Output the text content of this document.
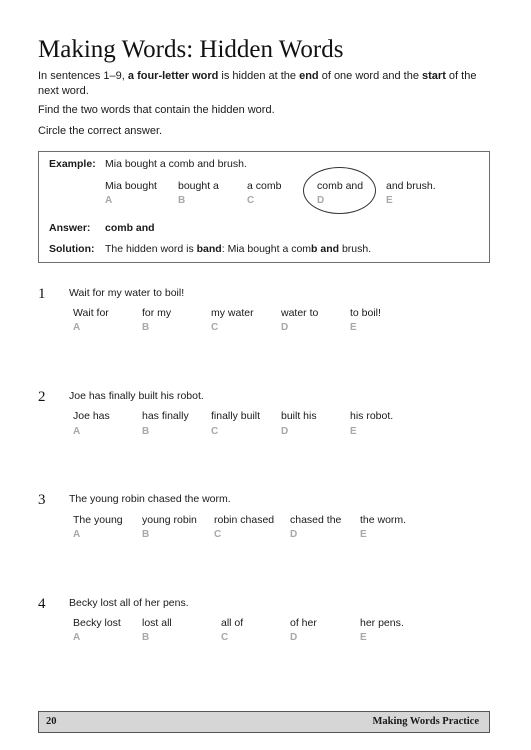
Making Words: Hidden Words
In sentences 1–9, a four-letter word is hidden at the end of one word and the start of the next word.
Find the two words that contain the hidden word.
Circle the correct answer.
Example: Mia bought a comb and brush.
Mia bought
A
bought a
B
a comb
C
comb and
D
and brush.
E
Answer: comb and
Solution: The hidden word is band: Mia bought a comb and brush.
1 Wait for my water to boil!
Wait for
A
for my
B
my water
C
water to
D
to boil!
E
2 Joe has finally built his robot.
Joe has
A
has finally
B
finally built
C
built his
D
his robot.
E
3 The young robin chased the worm.
The young
A
young robin
B
robin chased
C
chased the
D
the worm.
E
4 Becky lost all of her pens.
Becky lost
A
lost all
B
all of
C
of her
D
her pens.
E
20	Making Words Practice
